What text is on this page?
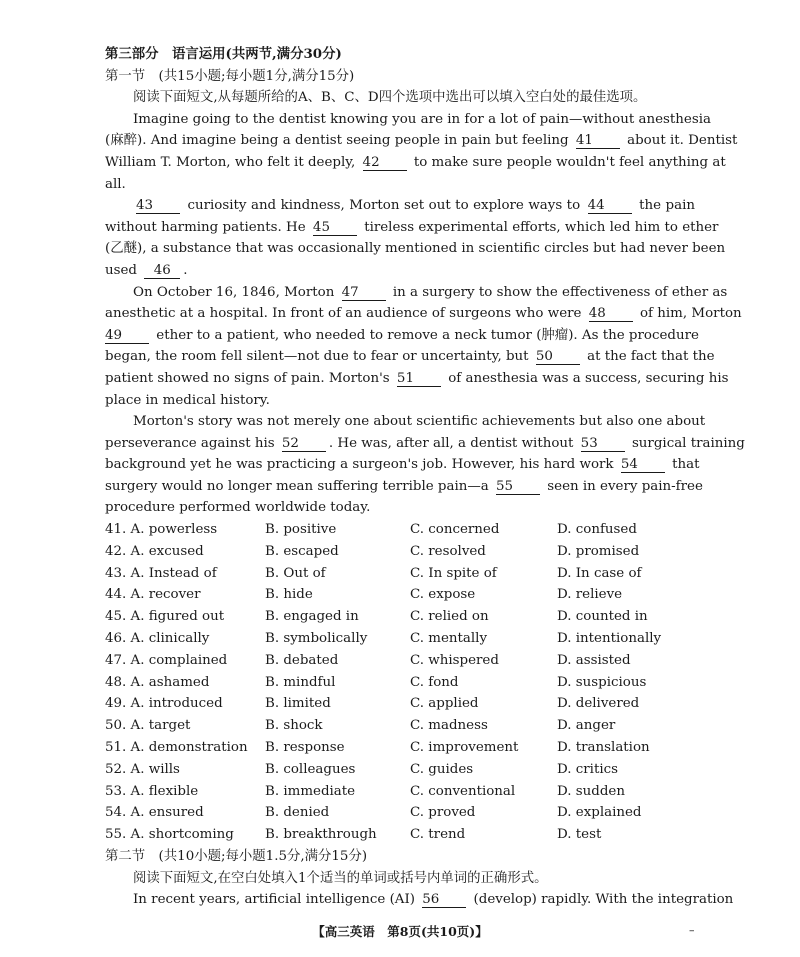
第三部分　语言运用(共两节,满分30分)
第一节　(共15小题;每小题1分,满分15分)
阅读下面短文,从每题所给的A、B、C、D四个选项中选出可以填入空白处的最佳选项。
Imagine going to the dentist knowing you are in for a lot of pain—without anesthesia
(麻醉). And imagine being a dentist seeing people in pain but feeling 41	about it. Dentist
William T. Morton, who felt it deeply, 42	to make sure people wouldn't feel anything at
all.
43	curiosity and kindness, Morton set out to explore ways to 44	the pain
without harming patients. He 45	tireless experimental efforts, which led him to ether
(乙醚), a substance that was occasionally mentioned in scientific circles but had never been
used 46 .
On October 16, 1846, Morton 47	in a surgery to show the effectiveness of ether as
anesthetic at a hospital. In front of an audience of surgeons who were 48	of him, Morton
49	ether to a patient, who needed to remove a neck tumor (肿瘤). As the procedure
began, the room fell silent—not due to fear or uncertainty, but 50	at the fact that the
patient showed no signs of pain. Morton's 51	of anesthesia was a success, securing his
place in medical history.
Morton's story was not merely one about scientific achievements but also one about
perseverance against his 52 . He was, after all, a dentist without 53	surgical training
background yet he was practicing a surgeon's job. However, his hard work 54	that
surgery would no longer mean suffering terrible pain—a 55	seen in every pain-free
procedure performed worldwide today.
41. A. powerless	B. positive	C. concerned	D. confused
42. A. excused	B. escaped	C. resolved	D. promised
43. A. Instead of	B. Out of	C. In spite of	D. In case of
44. A. recover	B. hide	C. expose	D. relieve
45. A. figured out	B. engaged in	C. relied on	D. counted in
46. A. clinically	B. symbolically	C. mentally	D. intentionally
47. A. complained	B. debated	C. whispered	D. assisted
48. A. ashamed	B. mindful	C. fond	D. suspicious
49. A. introduced	B. limited	C. applied	D. delivered
50. A. target	B. shock	C. madness	D. anger
51. A. demonstration	B. response	C. improvement	D. translation
52. A. wills	B. colleagues	C. guides	D. critics
53. A. flexible	B. immediate	C. conventional	D. sudden
54. A. ensured	B. denied	C. proved	D. explained
55. A. shortcoming	B. breakthrough	C. trend	D. test
第二节　(共10小题;每小题1.5分,满分15分)
阅读下面短文,在空白处填入1个适当的单词或括号内单词的正确形式。
In recent years, artificial intelligence (AI) 56	(develop) rapidly. With the integration
【高三英语　第8页(共10页)】	–
